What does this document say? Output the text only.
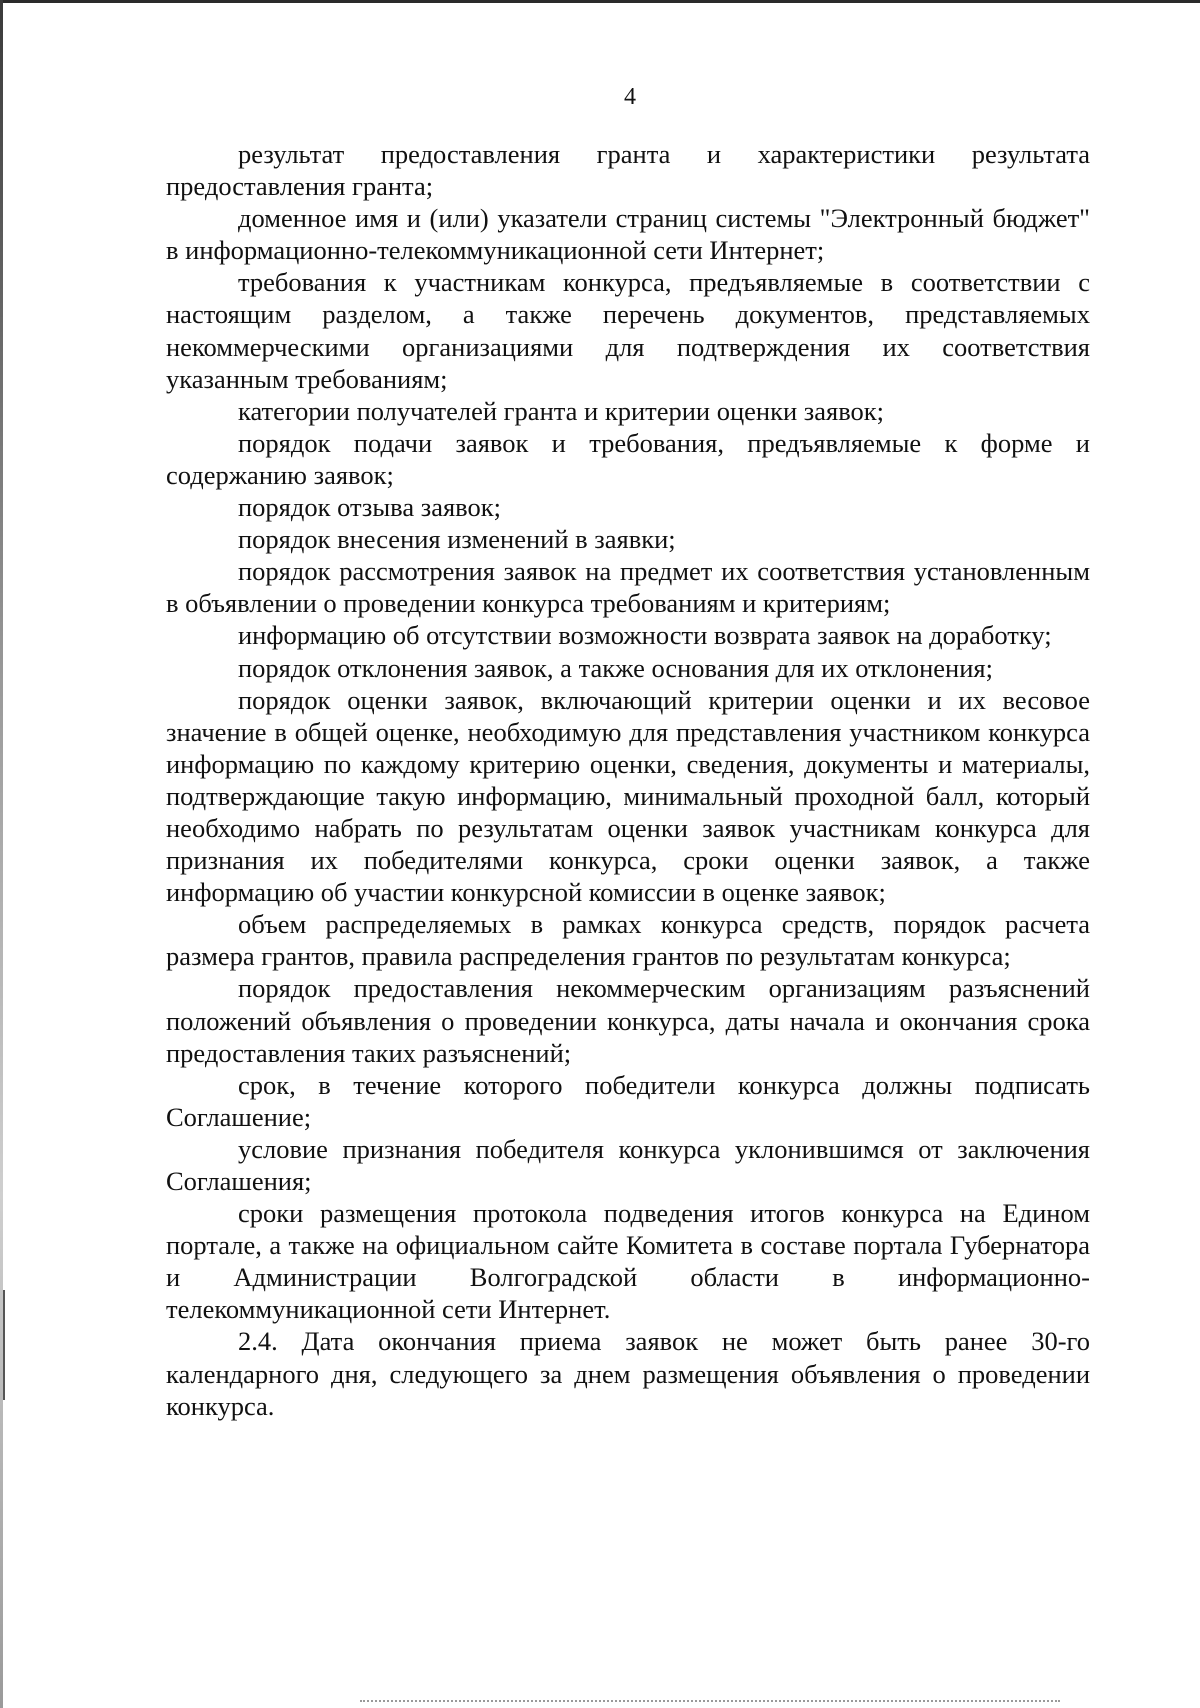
4

результат предоставления гранта и характеристики результата предоставления гранта;

доменное имя и (или) указатели страниц системы "Электронный бюджет" в информационно-телекоммуникационной сети Интернет;

требования к участникам конкурса, предъявляемые в соответствии с настоящим разделом, а также перечень документов, представляемых некоммерческими организациями для подтверждения их соответствия указанным требованиям;

категории получателей гранта и критерии оценки заявок;

порядок подачи заявок и требования, предъявляемые к форме и содержанию заявок;

порядок отзыва заявок;

порядок внесения изменений в заявки;

порядок рассмотрения заявок на предмет их соответствия установленным в объявлении о проведении конкурса требованиям и критериям;

информацию об отсутствии возможности возврата заявок на доработку;

порядок отклонения заявок, а также основания для их отклонения;

порядок оценки заявок, включающий критерии оценки и их весовое значение в общей оценке, необходимую для представления участником конкурса информацию по каждому критерию оценки, сведения, документы и материалы, подтверждающие такую информацию, минимальный проходной балл, который необходимо набрать по результатам оценки заявок участникам конкурса для признания их победителями конкурса, сроки оценки заявок, а также информацию об участии конкурсной комиссии в оценке заявок;

объем распределяемых в рамках конкурса средств, порядок расчета размера грантов, правила распределения грантов по результатам конкурса;

порядок предоставления некоммерческим организациям разъяснений положений объявления о проведении конкурса, даты начала и окончания срока предоставления таких разъяснений;

срок, в течение которого победители конкурса должны подписать Соглашение;

условие признания победителя конкурса уклонившимся от заключения Соглашения;

сроки размещения протокола подведения итогов конкурса на Едином портале, а также на официальном сайте Комитета в составе портала Губернатора и Администрации Волгоградской области в информационно-телекоммуникационной сети Интернет.

2.4. Дата окончания приема заявок не может быть ранее 30-го календарного дня, следующего за днем размещения объявления о проведении конкурса.
